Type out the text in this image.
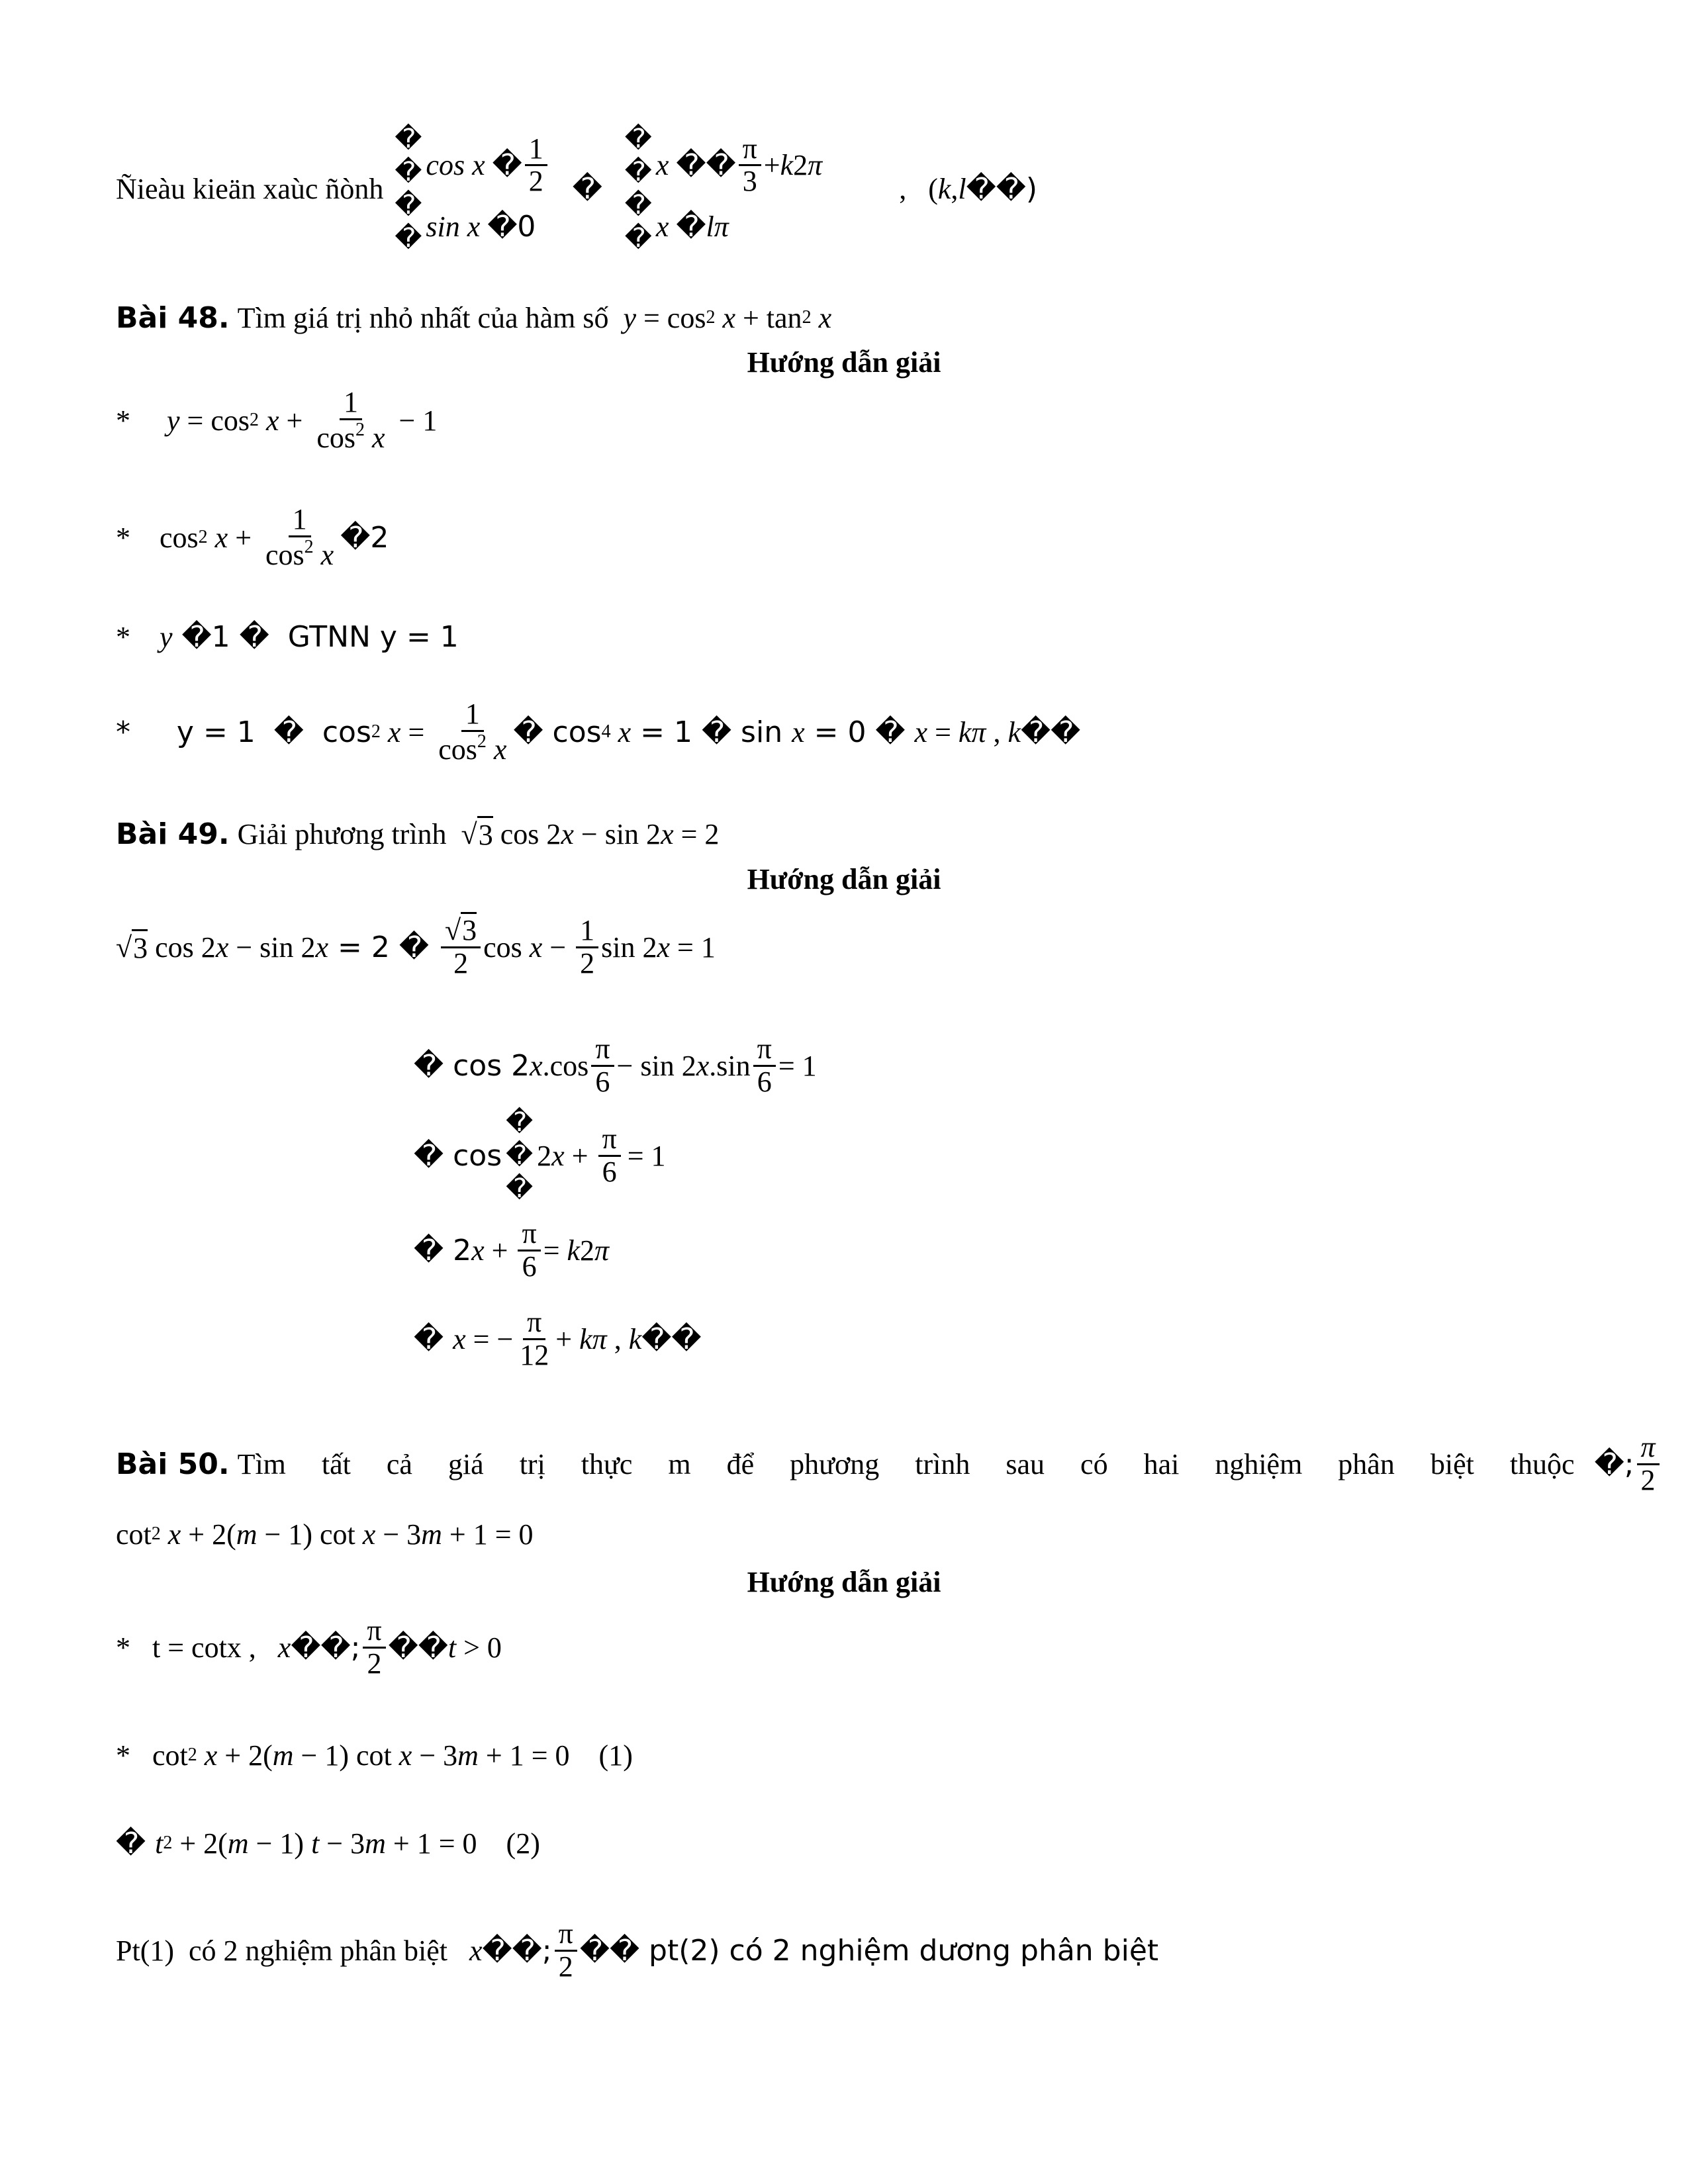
Ñieàu kieän xaùc ñònh
�
�
�
�
cos x � $\frac{1}{2}$
sin x �0
�
�
�
�
�
x �� $\frac{\pi}{3} + k$ 2 π
x � lπ
,   ( k , l ��)
Bài 48. Tìm giá trị nhỏ nhất của hàm số y = cos 2 x + tan 2 x
Hướng dẫn giải
* y = cos 2 $x + \frac{1}{\cos^2 x} - 1$
*    cos 2 $x + \frac{1}{\cos^2 x}$ �2
* y �1 �  GTNN y = 1
*     y = 1  �  cos 2 $x = \frac{1}{\cos^2 x}$ � cos 4 x = 1 � sin x = 0 � x = kπ , k ��
Bài 49. Giải phương trình  √ 3 cos 2 x − sin 2 x = 2
Hướng dẫn giải
√ 3 cos 2 x − sin 2 x = 2 � $\frac{√3}{2}$ $\cos x - \frac{1}{2}$ sin 2 x = 1
� cos 2 x $.\cos \frac{\pi}{6} - \sin 2$ x $.\sin \frac{\pi}{6} = 1$
� cos
�
�
�
2 $x + \frac{\pi}{6} = 1$
� 2 $x + \frac{\pi}{6} = k$ 2 π
� x = − $\frac{\pi}{12} + k\pi$ , k ��
Bài 50. Tìm tất cả giá trị thực m để phương trình sau có hai nghiệm phân biệt thuộc �; $\frac{\pi}{2}$
cot 2 x + 2( m − 1) cot x − 3 m + 1 = 0
Hướng dẫn giải
*   t = cotx , x ��; $\frac{\pi}{2}$ �� t > 0
*   cot 2 x + 2( m − 1) cot x − 3 m + 1 = 0    (1)
� t 2 + 2( m − 1) t − 3 m + 1 = 0    (2)
Pt(1)  có 2 nghiệm phân biệt x ��; $\frac{\pi}{2}$ �� pt(2) có 2 nghiệm dương phân biệt
